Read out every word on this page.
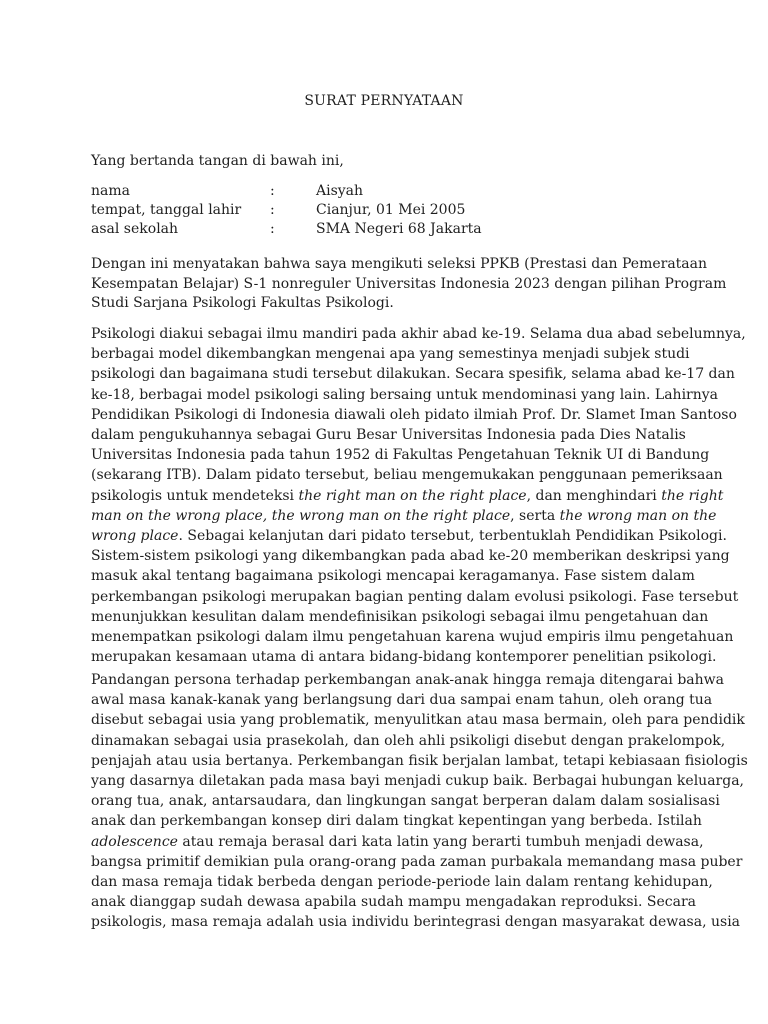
SURAT PERNYATAAN
Yang bertanda tangan di bawah ini,
nama	:	Aisyah
tempat, tanggal lahir :	Cianjur, 01 Mei 2005
asal sekolah	:	SMA Negeri 68 Jakarta

Dengan ini menyatakan bahwa saya mengikuti seleksi PPKB (Prestasi dan Pemerataan
Kesempatan Belajar) S-1 nonreguler Universitas Indonesia 2023 dengan pilihan Program
Studi Sarjana Psikologi Fakultas Psikologi.

Psikologi diakui sebagai ilmu mandiri pada akhir abad ke-19. Selama dua abad sebelumnya,
berbagai model dikembangkan mengenai apa yang semestinya menjadi subjek studi
psikologi dan bagaimana studi tersebut dilakukan. Secara spesifik, selama abad ke-17 dan
ke-18, berbagai model psikologi saling bersaing untuk mendominasi yang lain. Lahirnya
Pendidikan Psikologi di Indonesia diawali oleh pidato ilmiah Prof. Dr. Slamet Iman Santoso
dalam pengukuhannya sebagai Guru Besar Universitas Indonesia pada Dies Natalis
Universitas Indonesia pada tahun 1952 di Fakultas Pengetahuan Teknik UI di Bandung
(sekarang ITB). Dalam pidato tersebut, beliau mengemukakan penggunaan pemeriksaan
psikologis untuk mendeteksi the right man on the right place, dan menghindari the right
man on the wrong place, the wrong man on the right place, serta the wrong man on the
wrong place. Sebagai kelanjutan dari pidato tersebut, terbentuklah Pendidikan Psikologi.
Sistem-sistem psikologi yang dikembangkan pada abad ke-20 memberikan deskripsi yang
masuk akal tentang bagaimana psikologi mencapai keragamanya. Fase sistem dalam
perkembangan psikologi merupakan bagian penting dalam evolusi psikologi. Fase tersebut
menunjukkan kesulitan dalam mendefinisikan psikologi sebagai ilmu pengetahuan dan
menempatkan psikologi dalam ilmu pengetahuan karena wujud empiris ilmu pengetahuan
merupakan kesamaan utama di antara bidang-bidang kontemporer penelitian psikologi.

Pandangan persona terhadap perkembangan anak-anak hingga remaja ditengarai bahwa
awal masa kanak-kanak yang berlangsung dari dua sampai enam tahun, oleh orang tua
disebut sebagai usia yang problematik, menyulitkan atau masa bermain, oleh para pendidik
dinamakan sebagai usia prasekolah, dan oleh ahli psikoligi disebut dengan prakelompok,
penjajah atau usia bertanya. Perkembangan fisik berjalan lambat, tetapi kebiasaan fisiologis
yang dasarnya diletakan pada masa bayi menjadi cukup baik. Berbagai hubungan keluarga,
orang tua, anak, antarsaudara, dan lingkungan sangat berperan dalam dalam sosialisasi
anak dan perkembangan konsep diri dalam tingkat kepentingan yang berbeda. Istilah
adolescence atau remaja berasal dari kata latin yang berarti tumbuh menjadi dewasa,
bangsa primitif demikian pula orang-orang pada zaman purbakala memandang masa puber
dan masa remaja tidak berbeda dengan periode-periode lain dalam rentang kehidupan,
anak dianggap sudah dewasa apabila sudah mampu mengadakan reproduksi. Secara
psikologis, masa remaja adalah usia individu berintegrasi dengan masyarakat dewasa, usia
